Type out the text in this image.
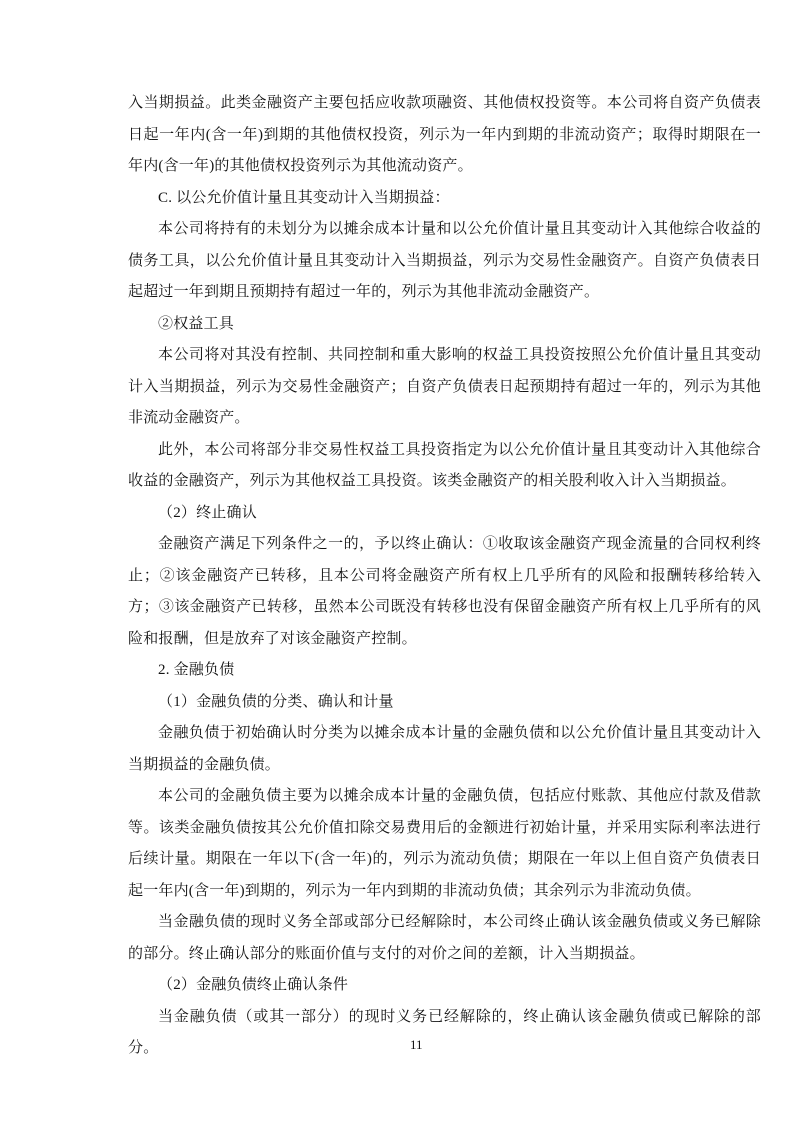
入当期损益。此类金融资产主要包括应收款项融资、其他债权投资等。本公司将自资产负债表日起一年内(含一年)到期的其他债权投资，列示为一年内到期的非流动资产；取得时期限在一年内(含一年)的其他债权投资列示为其他流动资产。

C. 以公允价值计量且其变动计入当期损益：

本公司将持有的未划分为以摊余成本计量和以公允价值计量且其变动计入其他综合收益的债务工具，以公允价值计量且其变动计入当期损益，列示为交易性金融资产。自资产负债表日起超过一年到期且预期持有超过一年的，列示为其他非流动金融资产。

②权益工具

本公司将对其没有控制、共同控制和重大影响的权益工具投资按照公允价值计量且其变动计入当期损益，列示为交易性金融资产；自资产负债表日起预期持有超过一年的，列示为其他非流动金融资产。

此外，本公司将部分非交易性权益工具投资指定为以公允价值计量且其变动计入其他综合收益的金融资产，列示为其他权益工具投资。该类金融资产的相关股利收入计入当期损益。

（2）终止确认

金融资产满足下列条件之一的，予以终止确认：①收取该金融资产现金流量的合同权利终止；②该金融资产已转移，且本公司将金融资产所有权上几乎所有的风险和报酬转移给转入方；③该金融资产已转移，虽然本公司既没有转移也没有保留金融资产所有权上几乎所有的风险和报酬，但是放弃了对该金融资产控制。

2. 金融负债

（1）金融负债的分类、确认和计量

金融负债于初始确认时分类为以摊余成本计量的金融负债和以公允价值计量且其变动计入当期损益的金融负债。

本公司的金融负债主要为以摊余成本计量的金融负债，包括应付账款、其他应付款及借款等。该类金融负债按其公允价值扣除交易费用后的金额进行初始计量，并采用实际利率法进行后续计量。期限在一年以下(含一年)的，列示为流动负债；期限在一年以上但自资产负债表日起一年内(含一年)到期的，列示为一年内到期的非流动负债；其余列示为非流动负债。

当金融负债的现时义务全部或部分已经解除时，本公司终止确认该金融负债或义务已解除的部分。终止确认部分的账面价值与支付的对价之间的差额，计入当期损益。

（2）金融负债终止确认条件

当金融负债（或其一部分）的现时义务已经解除的，终止确认该金融负债或已解除的部分。	11
